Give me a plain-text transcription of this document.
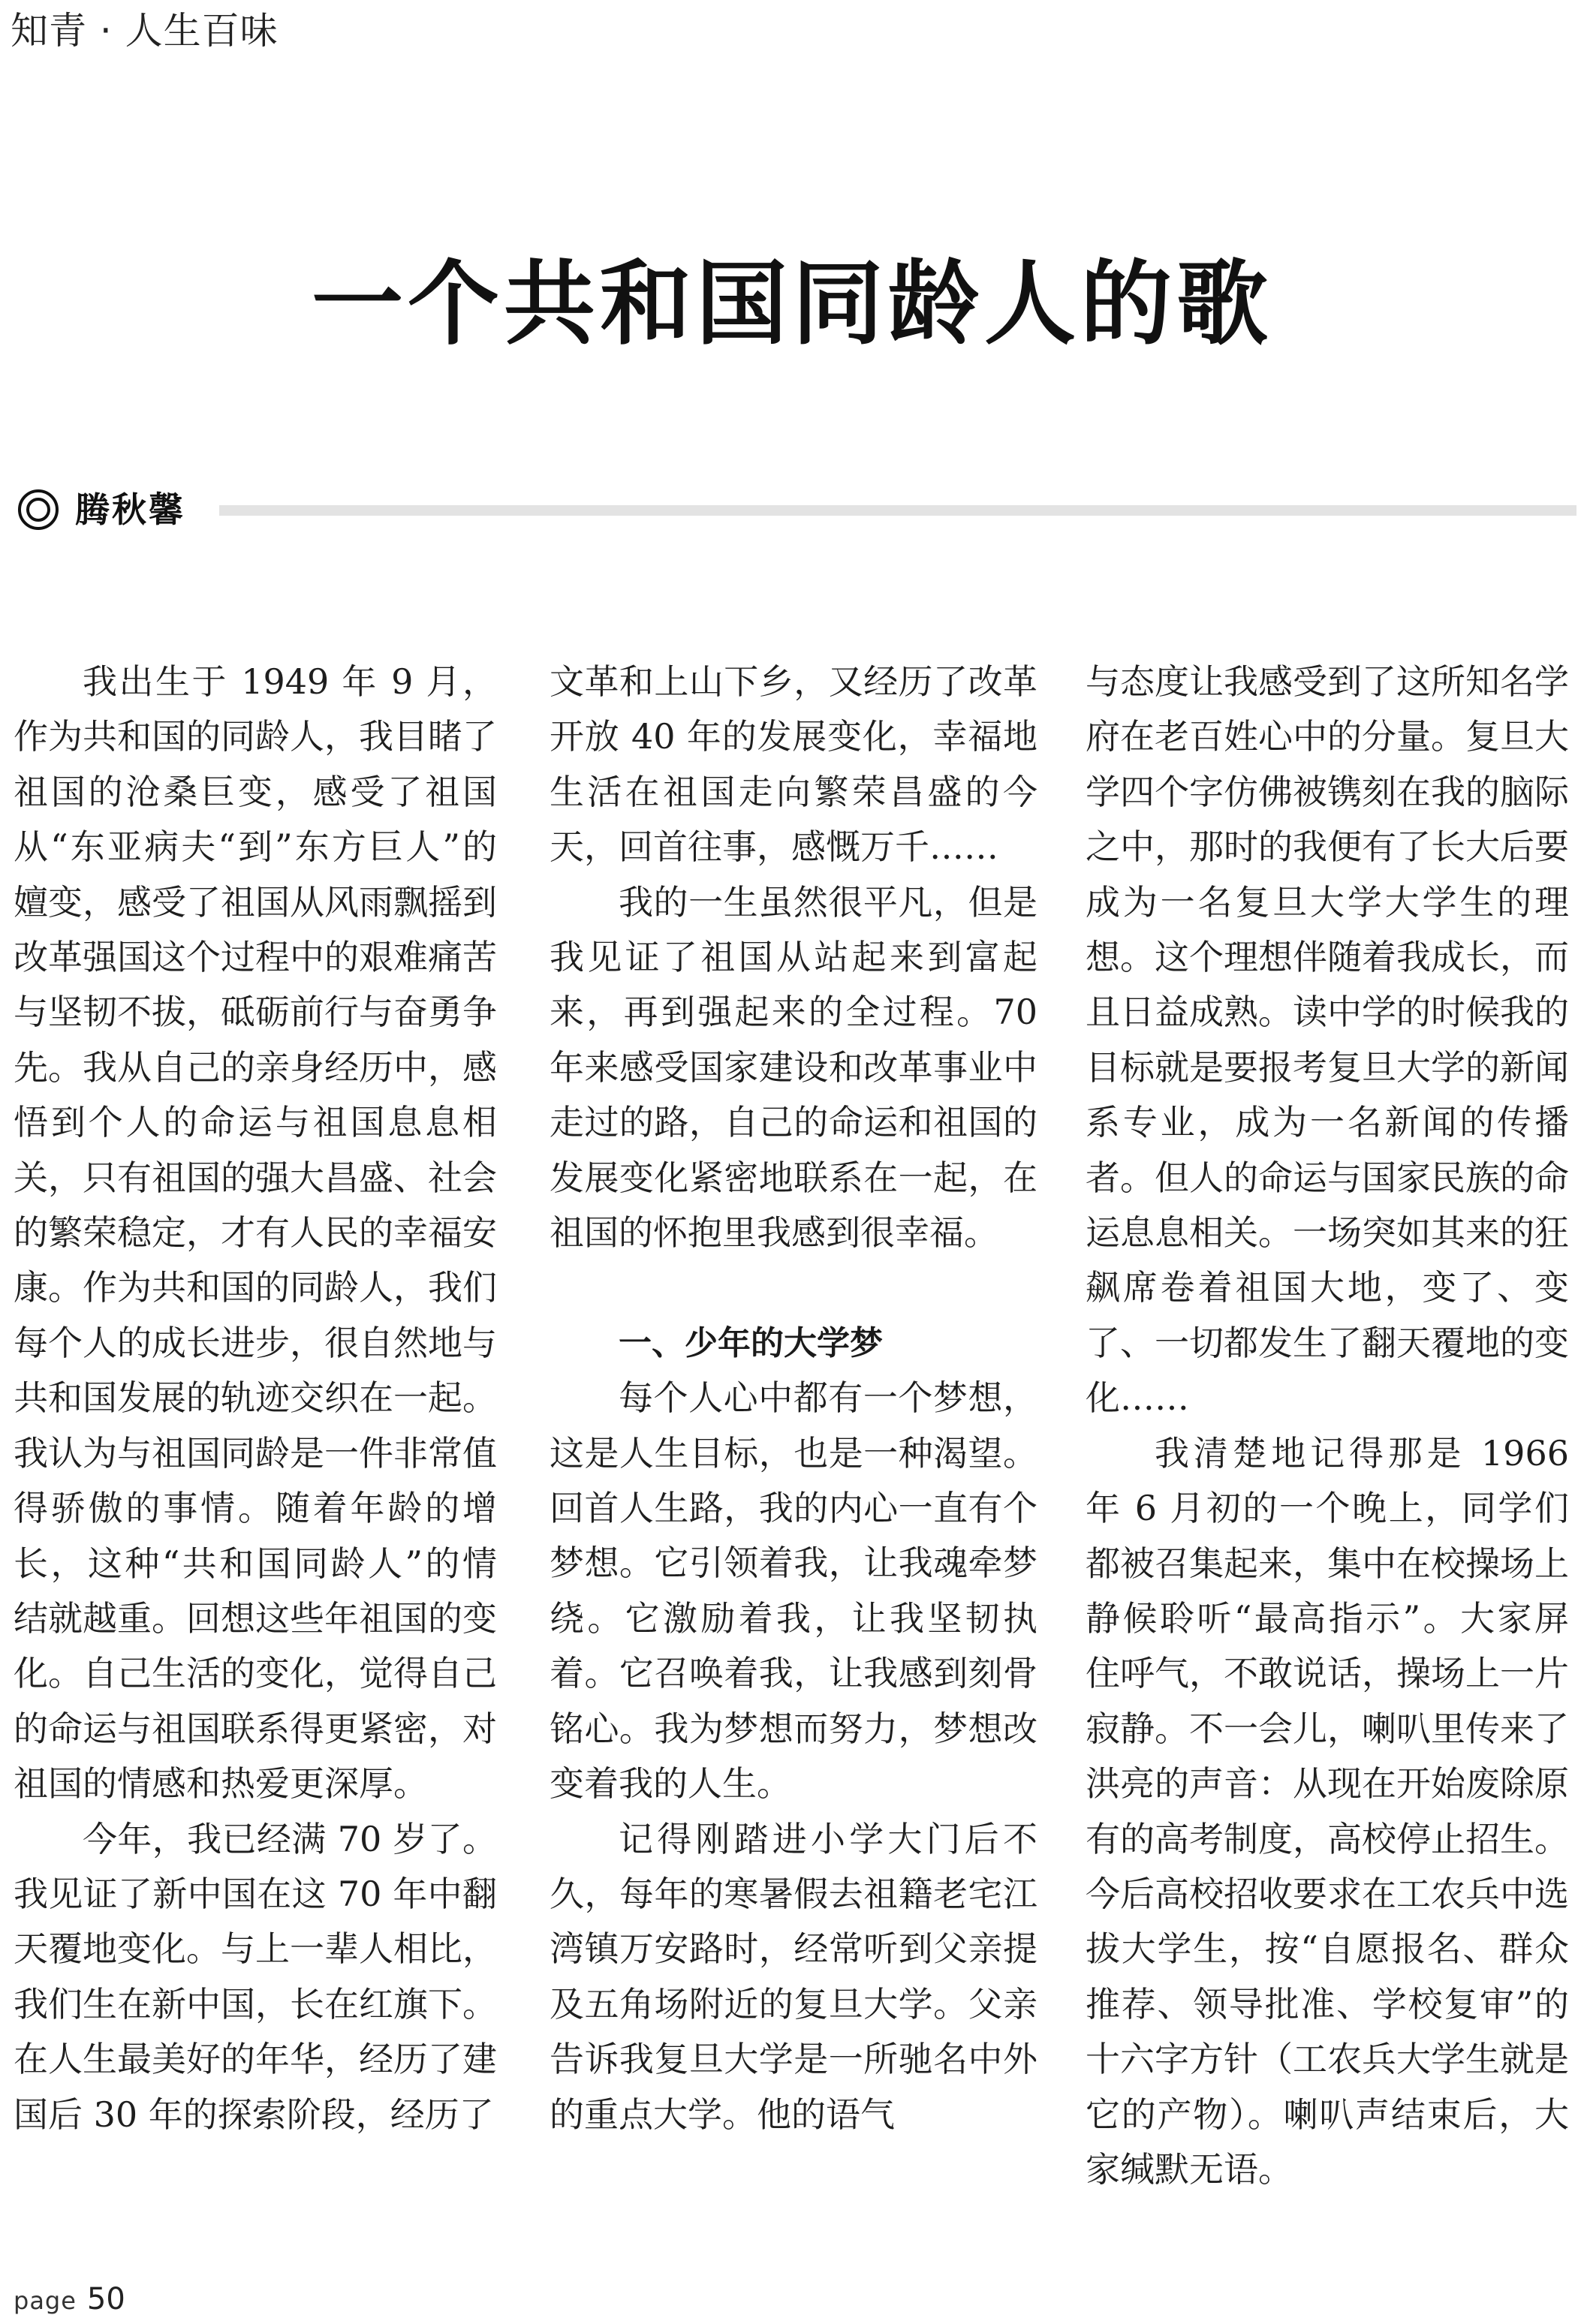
知青 · 人生百味
一个共和国同龄人的歌
腾秋馨

我出生于 1949 年 9 月，作为共和国的同龄人，我目睹了祖国的沧桑巨变，感受了祖国从“东亚病夫“到”东方巨人”的嬗变，感受了祖国从风雨飘摇到改革强国这个过程中的艰难痛苦与坚韧不拔，砥砺前行与奋勇争先。我从自己的亲身经历中，感悟到个人的命运与祖国息息相关，只有祖国的强大昌盛、社会的繁荣稳定，才有人民的幸福安康。作为共和国的同龄人，我们每个人的成长进步，很自然地与共和国发展的轨迹交织在一起。我认为与祖国同龄是一件非常值得骄傲的事情。随着年龄的增长，这种“共和国同龄人”的情结就越重。回想这些年祖国的变化。自己生活的变化，觉得自己的命运与祖国联系得更紧密，对祖国的情感和热爱更深厚。

今年，我已经满 70 岁了。我见证了新中国在这 70 年中翻天覆地变化。与上一辈人相比，我们生在新中国，长在红旗下。在人生最美好的年华，经历了建国后 30 年的探索阶段，经历了

文革和上山下乡，又经历了改革开放 40 年的发展变化，幸福地生活在祖国走向繁荣昌盛的今天，回首往事，感慨万千……

我的一生虽然很平凡，但是我见证了祖国从站起来到富起来，再到强起来的全过程。70 年来感受国家建设和改革事业中走过的路，自己的命运和祖国的发展变化紧密地联系在一起，在祖国的怀抱里我感到很幸福。

一、少年的大学梦

每个人心中都有一个梦想，这是人生目标，也是一种渴望。回首人生路，我的内心一直有个梦想。它引领着我，让我魂牵梦绕。它激励着我，让我坚韧执着。它召唤着我，让我感到刻骨铭心。我为梦想而努力，梦想改变着我的人生。

记得刚踏进小学大门后不久，每年的寒暑假去祖籍老宅江湾镇万安路时，经常听到父亲提及五角场附近的复旦大学。父亲告诉我复旦大学是一所驰名中外的重点大学。他的语气

与态度让我感受到了这所知名学府在老百姓心中的分量。复旦大学四个字仿佛被镌刻在我的脑际之中，那时的我便有了长大后要成为一名复旦大学大学生的理想。这个理想伴随着我成长，而且日益成熟。读中学的时候我的目标就是要报考复旦大学的新闻系专业，成为一名新闻的传播者。但人的命运与国家民族的命运息息相关。一场突如其来的狂飙席卷着祖国大地，变了、变了、一切都发生了翻天覆地的变化……

我清楚地记得那是 1966 年 6 月初的一个晚上，同学们都被召集起来，集中在校操场上静候聆听“最高指示”。大家屏住呼气，不敢说话，操场上一片寂静。不一会儿，喇叭里传来了洪亮的声音：从现在开始废除原有的高考制度，高校停止招生。今后高校招收要求在工农兵中选拔大学生，按“自愿报名、群众推荐、领导批准、学校复审”的十六字方针（工农兵大学生就是它的产物）。喇叭声结束后，大家缄默无语。

page 50
